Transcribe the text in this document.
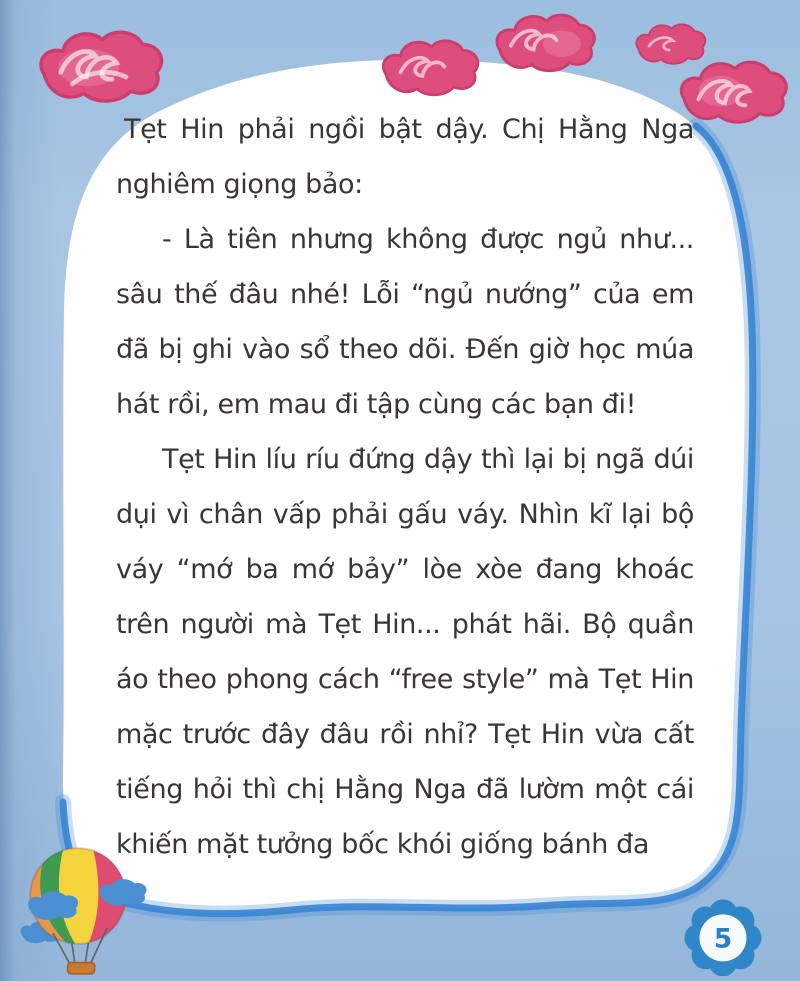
Tẹt Hin phải ngồi bật dậy. Chị Hằng Nga nghiêm giọng bảo:

- Là tiên nhưng không được ngủ như... sâu thế đâu nhé! Lỗi “ngủ nướng” của em đã bị ghi vào sổ theo dõi. Đến giờ học múa hát rồi, em mau đi tập cùng các bạn đi!

Tẹt Hin líu ríu đứng dậy thì lại bị ngã dúi dụi vì chân vấp phải gấu váy. Nhìn kĩ lại bộ váy “mớ ba mớ bảy” lòe xòe đang khoác trên người mà Tẹt Hin... phát hãi. Bộ quần áo theo phong cách “free style” mà Tẹt Hin mặc trước đây đâu rồi nhỉ? Tẹt Hin vừa cất tiếng hỏi thì chị Hằng Nga đã lườm một cái khiến mặt tưởng bốc khói giống bánh đa

5
